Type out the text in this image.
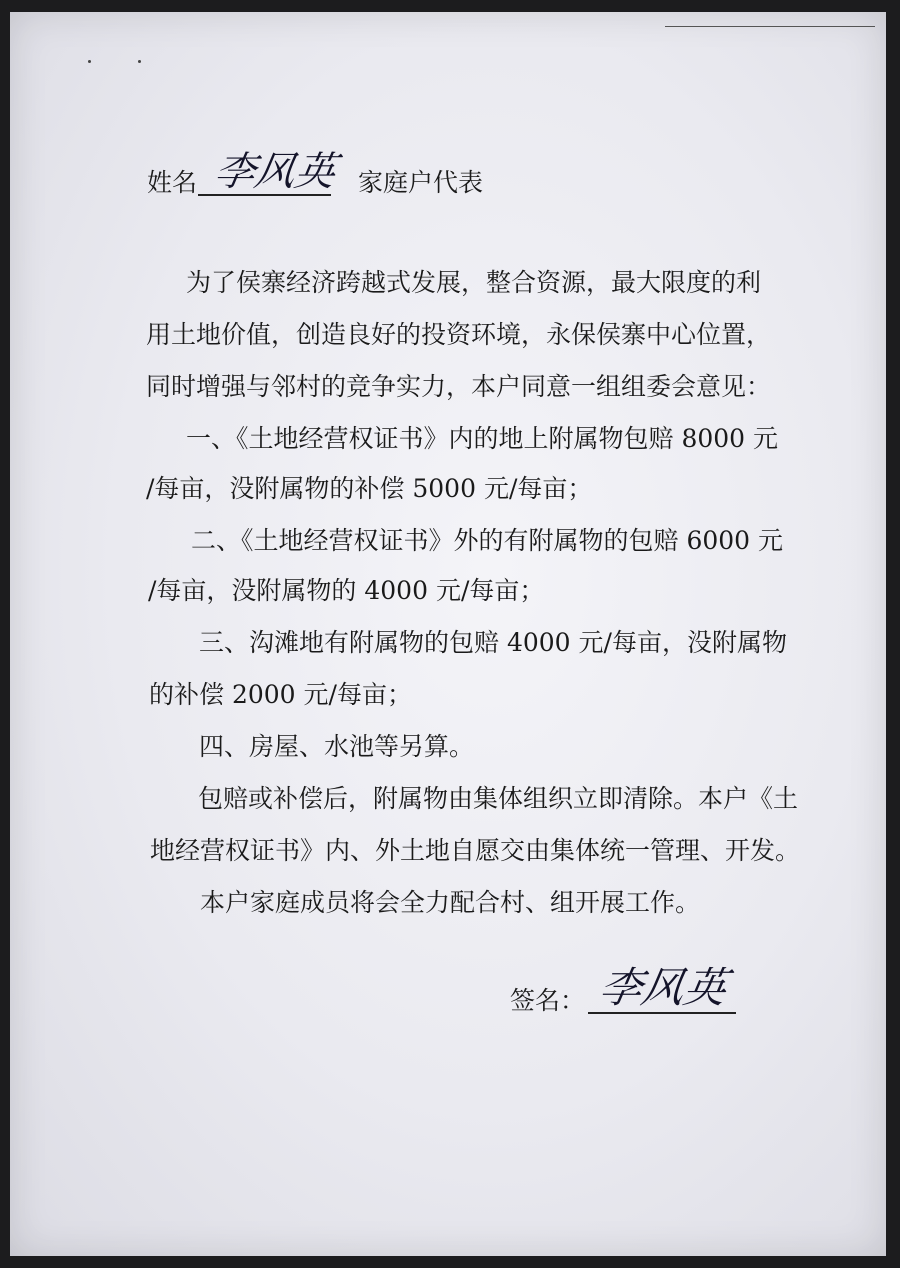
姓名 李风英 家庭户代表
为了侯寨经济跨越式发展，整合资源，最大限度的利
用土地价值，创造良好的投资环境，永保侯寨中心位置，
同时增强与邻村的竞争实力，本户同意一组组委会意见：
一、《土地经营权证书》内的地上附属物包赔 8000 元
/每亩，没附属物的补偿 5000 元/每亩；
二、《土地经营权证书》外的有附属物的包赔 6000 元
/每亩，没附属物的 4000 元/每亩；
三、沟滩地有附属物的包赔 4000 元/每亩，没附属物
的补偿 2000 元/每亩；
四、房屋、水池等另算。
包赔或补偿后，附属物由集体组织立即清除。本户《土
地经营权证书》内、外土地自愿交由集体统一管理、开发。
本户家庭成员将会全力配合村、组开展工作。
签名： 李风英
